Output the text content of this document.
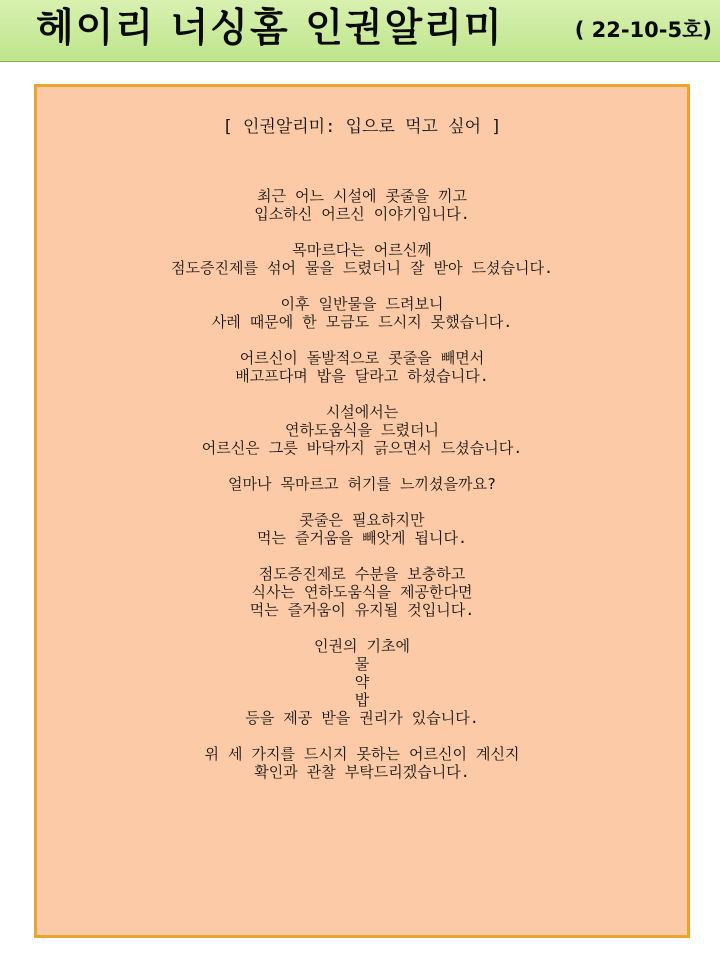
헤이리 너싱홈 인권알리미	( 22-10-5호)
[ 인권알리미: 입으로 먹고 싶어 ]
최근 어느 시설에 콧줄을 끼고
입소하신 어르신 이야기입니다.
목마르다는 어르신께
점도증진제를 섞어 물을 드렸더니 잘 받아 드셨습니다.
이후 일반물을 드려보니
사레 때문에 한 모금도 드시지 못했습니다.
어르신이 돌발적으로 콧줄을 빼면서
배고프다며 밥을 달라고 하셨습니다.
시설에서는
연하도움식을 드렸더니
어르신은 그릇 바닥까지 긁으면서 드셨습니다.
얼마나 목마르고 허기를 느끼셨을까요?
콧줄은 필요하지만
먹는 즐거움을 빼앗게 됩니다.
점도증진제로 수분을 보충하고
식사는 연하도움식을 제공한다면
먹는 즐거움이 유지될 것입니다.
인권의 기초에
물
약
밥
등을 제공 받을 권리가 있습니다.
위 세 가지를 드시지 못하는 어르신이 계신지
확인과 관찰 부탁드리겠습니다.
